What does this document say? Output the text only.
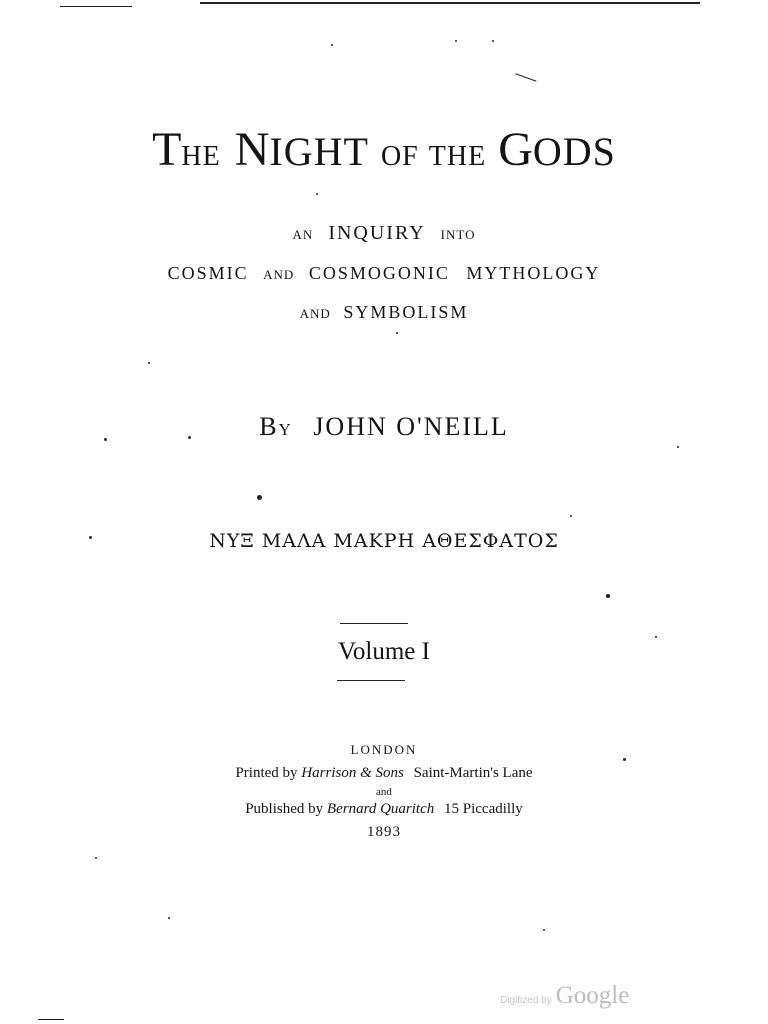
THE NIGHT OF THE GODS
AN INQUIRY INTO
COSMIC AND COSMOGONIC MYTHOLOGY
AND SYMBOLISM
BY JOHN O'NEILL
ΝΥΞ ΜΑΛΑ ΜΑΚΡΗ ΑΘΕΣΦΑΤΟΣ
Volume I
LONDON
Printed by Harrison & Sons Saint-Martin's Lane
and
Published by Bernard Quaritch 15 Piccadilly
1893
Digitized by Google
